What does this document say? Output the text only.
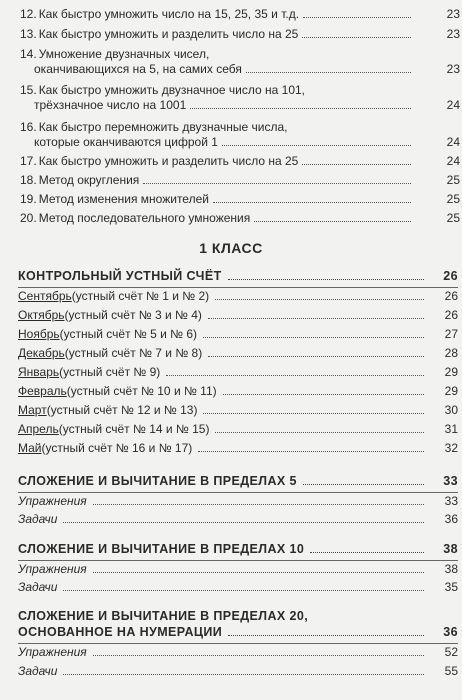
12. Как быстро умножить число на 15, 25, 35 и т.д.	23
13. Как быстро умножить и разделить число на 25	23
14. Умножение двузначных чисел,
оканчивающихся на 5, на самих себя	23
15. Как быстро умножить двузначное число на 101,
трёхзначное число на 1001	24
16. Как быстро перемножить двузначные числа,
которые оканчиваются цифрой 1	24
17. Как быстро умножить и разделить число на 25	24
18. Метод округления	25
19. Метод изменения множителей	25
20. Метод последовательного умножения	25
1 КЛАСС
КОНТРОЛЬНЫЙ УСТНЫЙ СЧЁТ	26
Сентябрь (устный счёт № 1 и № 2)	26
Октябрь (устный счёт № 3 и № 4)	26
Ноябрь (устный счёт № 5 и № 6)	27
Декабрь (устный счёт № 7 и № 8)	28
Январь (устный счёт № 9)	29
Февраль (устный счёт № 10 и № 11)	29
Март (устный счёт № 12 и № 13)	30
Апрель (устный счёт № 14 и № 15)	31
Май (устный счёт № 16 и № 17)	32
СЛОЖЕНИЕ И ВЫЧИТАНИЕ В ПРЕДЕЛАХ 5	33
Упражнения	33
Задачи	36
СЛОЖЕНИЕ И ВЫЧИТАНИЕ В ПРЕДЕЛАХ 10	38
Упражнения	38
Задачи	35
СЛОЖЕНИЕ И ВЫЧИТАНИЕ В ПРЕДЕЛАХ 20,
ОСНОВАННОЕ НА НУМЕРАЦИИ	36
Упражнения	52
Задачи	55
